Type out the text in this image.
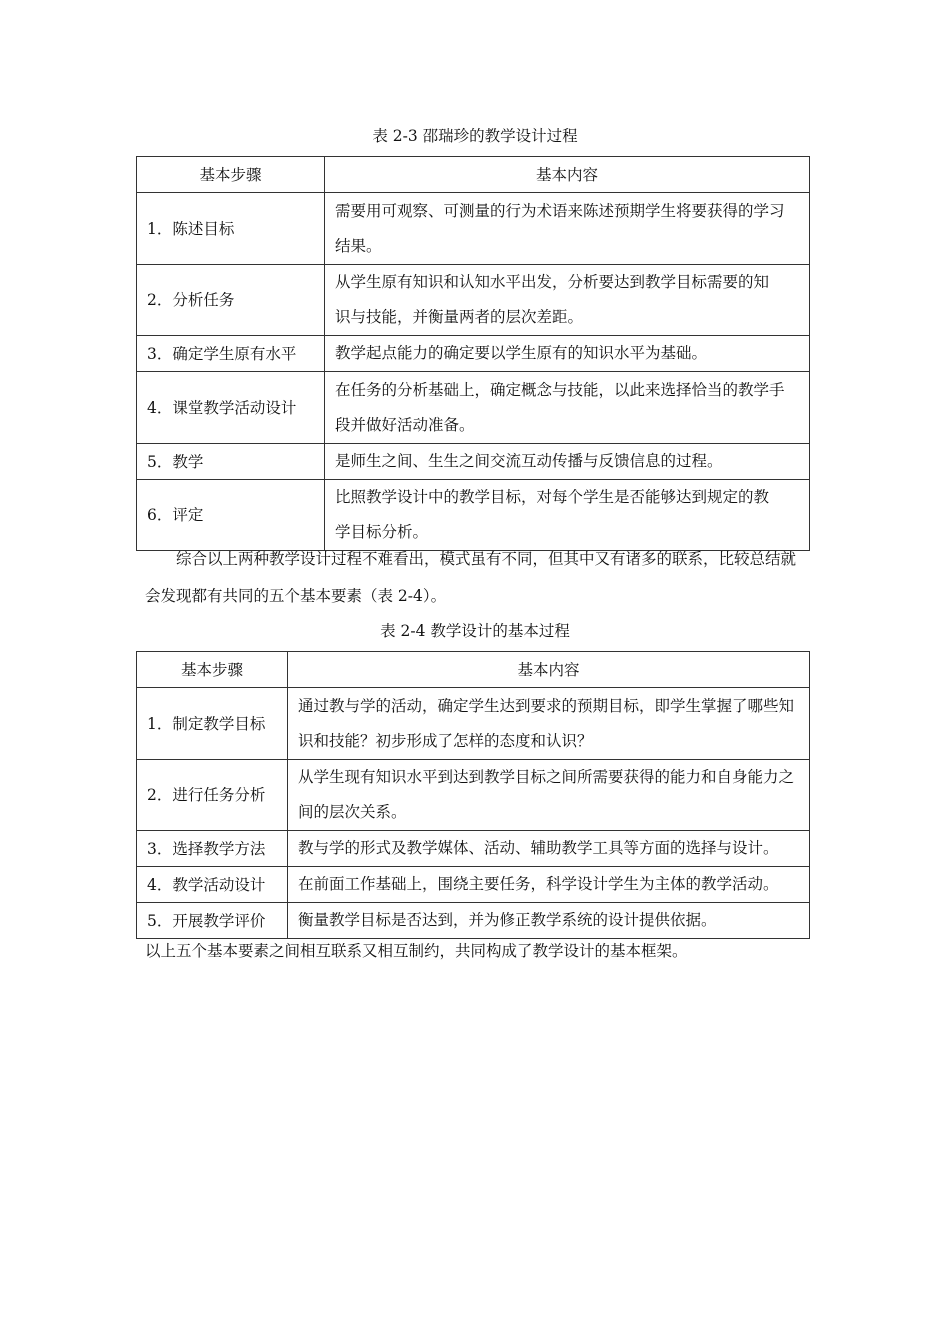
表 2-3 邵瑞珍的教学设计过程
基本步骤	基本内容
1．陈述目标	需要用可观察、可测量的行为术语来陈述预期学生将要获得的学习结果。
2．分析任务	从学生原有知识和认知水平出发，分析要达到教学目标需要的知识与技能，并衡量两者的层次差距。
3．确定学生原有水平	教学起点能力的确定要以学生原有的知识水平为基础。
4．课堂教学活动设计	在任务的分析基础上，确定概念与技能，以此来选择恰当的教学手段并做好活动准备。
5．教学	是师生之间、生生之间交流互动传播与反馈信息的过程。
6．评定	比照教学设计中的教学目标，对每个学生是否能够达到规定的教学目标分析。
综合以上两种教学设计过程不难看出，模式虽有不同，但其中又有诸多的联系，比较总结就会发现都有共同的五个基本要素（表 2-4）。
表 2-4 教学设计的基本过程
基本步骤	基本内容
1．制定教学目标	通过教与学的活动，确定学生达到要求的预期目标，即学生掌握了哪些知识和技能？初步形成了怎样的态度和认识？
2．进行任务分析	从学生现有知识水平到达到教学目标之间所需要获得的能力和自身能力之间的层次关系。
3．选择教学方法	教与学的形式及教学媒体、活动、辅助教学工具等方面的选择与设计。
4．教学活动设计	在前面工作基础上，围绕主要任务，科学设计学生为主体的教学活动。
5．开展教学评价	衡量教学目标是否达到，并为修正教学系统的设计提供依据。
以上五个基本要素之间相互联系又相互制约，共同构成了教学设计的基本框架。
